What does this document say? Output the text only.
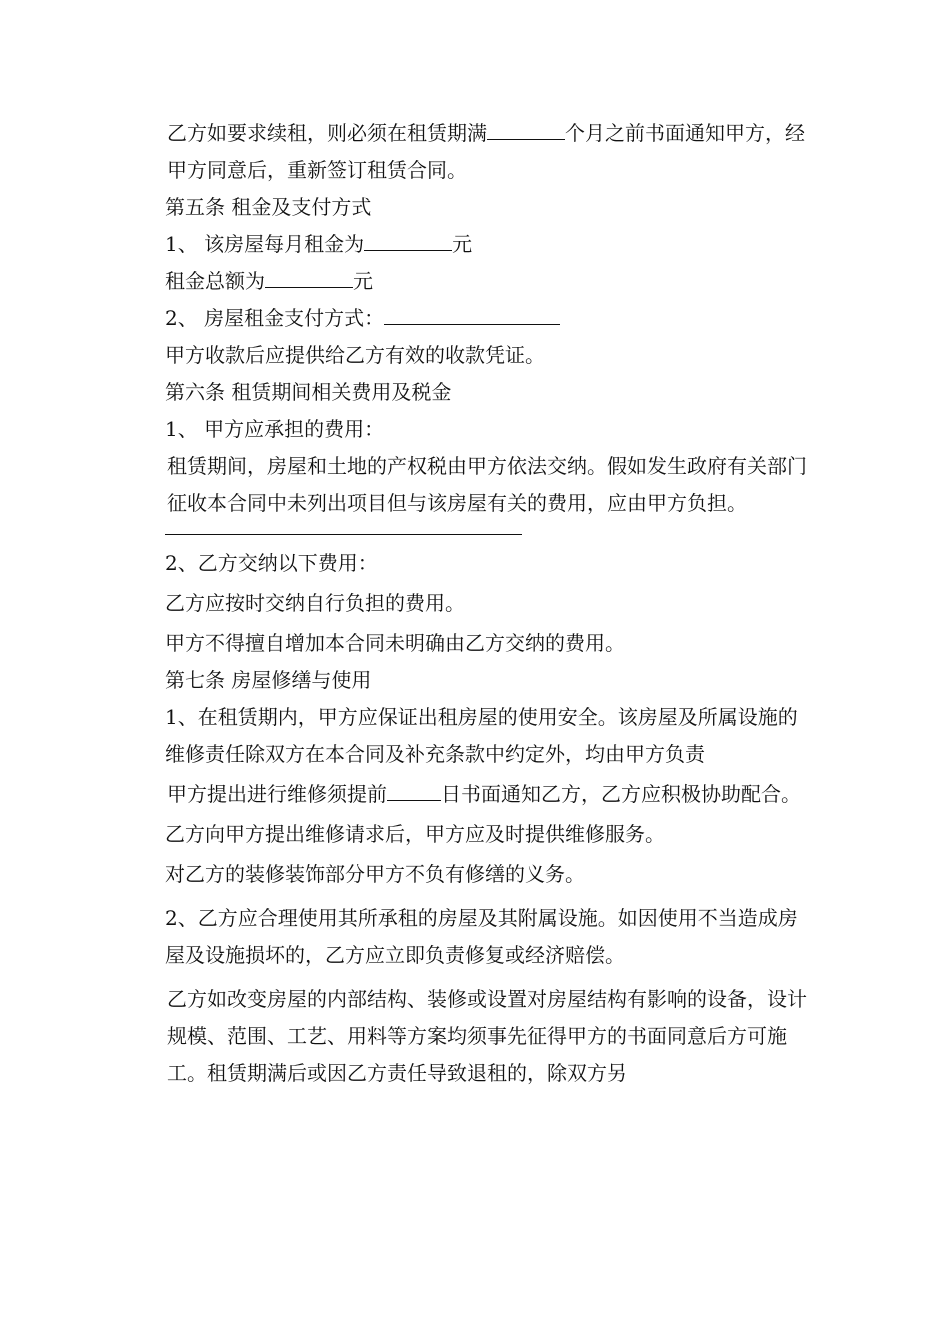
乙方如要求续租，则必须在租赁期满	个月之前书面通知甲方，经甲方同意后，重新签订租赁合同。

第五条 租金及支付方式

1、 该房屋每月租金为	元

租金总额为	元

2、 房屋租金支付方式：

甲方收款后应提供给乙方有效的收款凭证。

第六条 租赁期间相关费用及税金

1、 甲方应承担的费用：

租赁期间，房屋和土地的产权税由甲方依法交纳。假如发生政府有关部门征收本合同中未列出项目但与该房屋有关的费用，应由甲方负担。

2、乙方交纳以下费用：

乙方应按时交纳自行负担的费用。

甲方不得擅自增加本合同未明确由乙方交纳的费用。

第七条 房屋修缮与使用

1、在租赁期内，甲方应保证出租房屋的使用安全。该房屋及所属设施的维修责任除双方在本合同及补充条款中约定外，均由甲方负责

甲方提出进行维修须提前	日书面通知乙方，乙方应积极协助配合。

乙方向甲方提出维修请求后，甲方应及时提供维修服务。

对乙方的装修装饰部分甲方不负有修缮的义务。

2、乙方应合理使用其所承租的房屋及其附属设施。如因使用不当造成房屋及设施损坏的，乙方应立即负责修复或经济赔偿。

乙方如改变房屋的内部结构、装修或设置对房屋结构有影响的设备，设计规模、范围、工艺、用料等方案均须事先征得甲方的书面同意后方可施工。租赁期满后或因乙方责任导致退租的，除双方另
